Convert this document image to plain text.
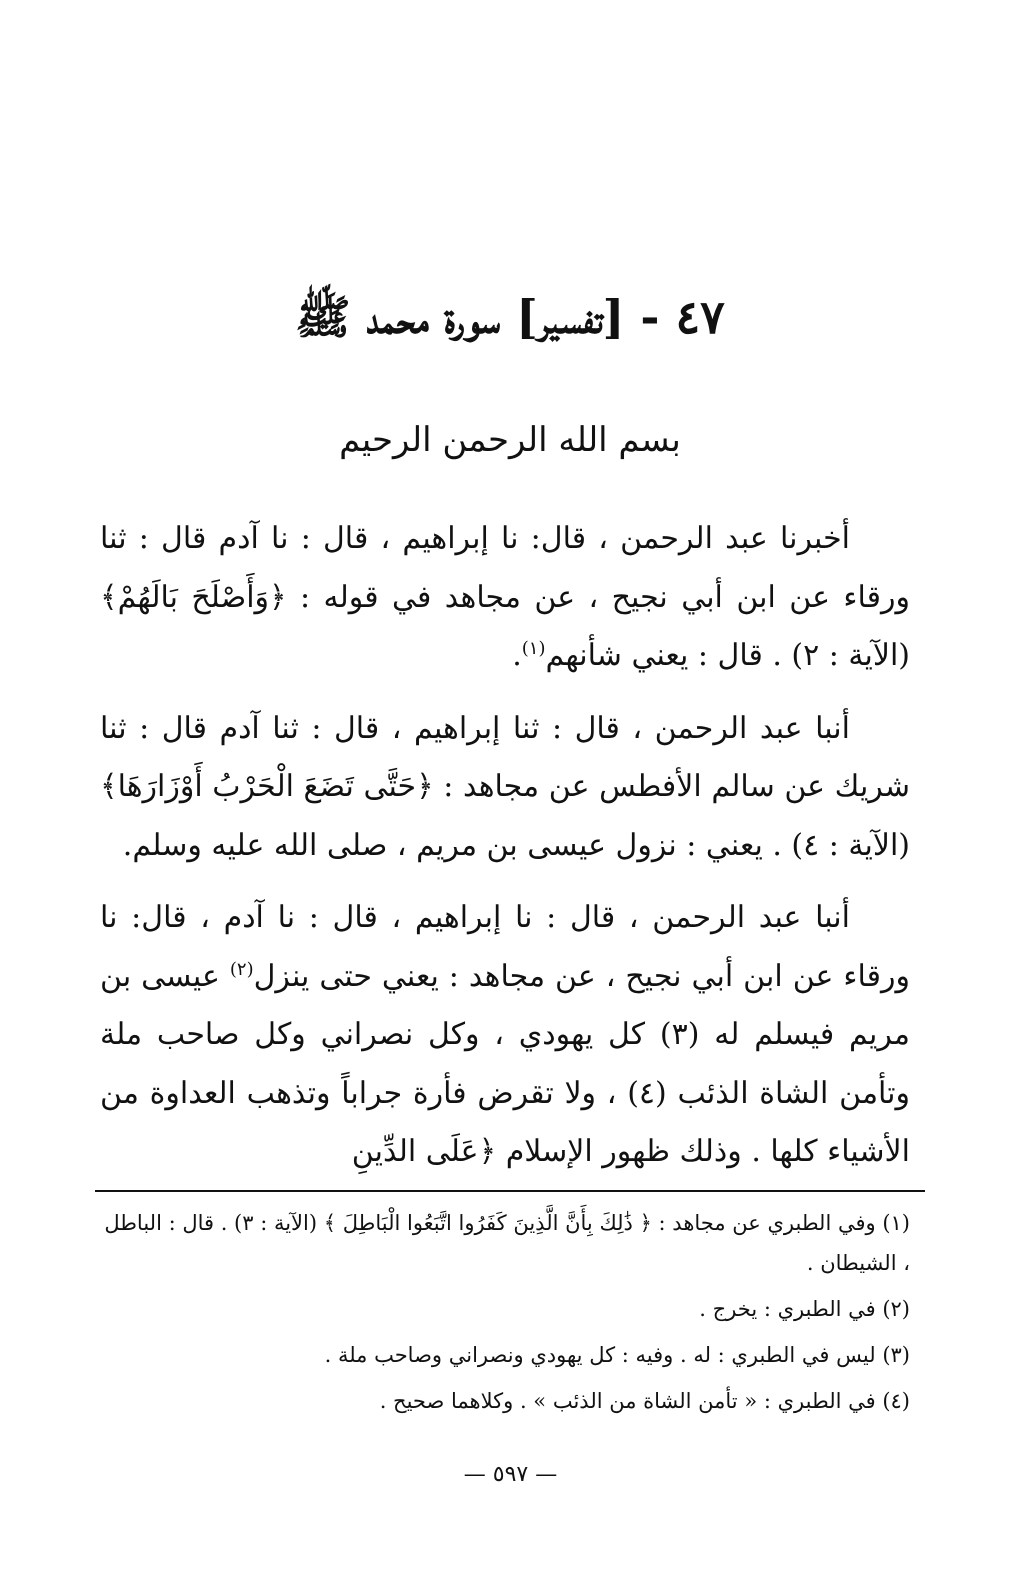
٤٧ - [تفسير] سورة محمد ﷺ
بسم الله الرحمن الرحيم

أخبرنا عبد الرحمن ، قال: نا إبراهيم ، قال : نا آدم قال : ثنا ورقاء عن ابن أبي نجيح ، عن مجاهد في قوله : ﴿وَأَصْلَحَ بَالَهُمْ﴾ (الآية : ٢) . قال : يعني شأنهم$^{(١)}$.

أنبا عبد الرحمن ، قال : ثنا إبراهيم ، قال : ثنا آدم قال : ثنا شريك عن سالم الأفطس عن مجاهد : ﴿حَتَّى تَضَعَ الْحَرْبُ أَوْزَارَهَا﴾ (الآية : ٤) . يعني : نزول عيسى بن مريم ، صلى الله عليه وسلم.

أنبا عبد الرحمن ، قال : نا إبراهيم ، قال : نا آدم ، قال: نا ورقاء عن ابن أبي نجيح ، عن مجاهد : يعني حتى ينزل$^{(٢)}$ عيسى بن مريم فيسلم له (٣) كل يهودي ، وكل نصراني وكل صاحب ملة وتأمن الشاة الذئب (٤) ، ولا تقرض فأرة جراباً وتذهب العداوة من الأشياء كلها . وذلك ظهور الإسلام ﴿عَلَى الدِّينِ

(١) وفي الطبري عن مجاهد : ﴿ ذَٰلِكَ بِأَنَّ الَّذِينَ كَفَرُوا اتَّبَعُوا الْبَاطِلَ ﴾ (الآية : ٣) . قال : الباطل ، الشيطان .
(٢) في الطبري : يخرج .
(٣) ليس في الطبري : له . وفيه : كل يهودي ونصراني وصاحب ملة .
(٤) في الطبري : « تأمن الشاة من الذئب » . وكلاهما صحيح .
— ٥٩٧ —
